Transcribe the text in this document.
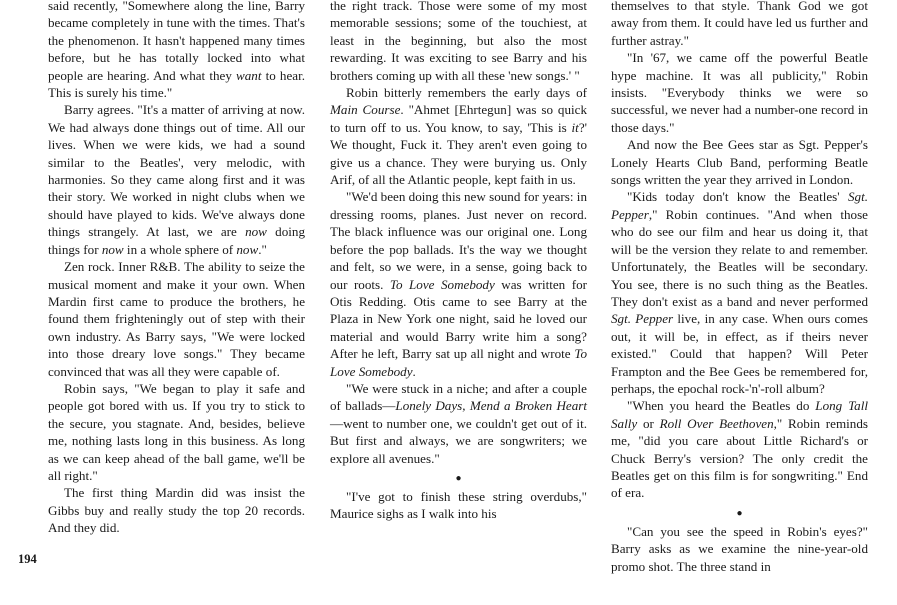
said recently, "Somewhere along the line, Barry became completely in tune with the times. That's the phenomenon. It hasn't happened many times before, but he has totally locked into what people are hearing. And what they want to hear. This is surely his time."

Barry agrees. "It's a matter of arriving at now. We had always done things out of time. All our lives. When we were kids, we had a sound similar to the Beatles', very melodic, with harmonies. So they came along first and it was their story. We worked in night clubs when we should have played to kids. We've always done things strangely. At last, we are now doing things for now in a whole sphere of now."

Zen rock. Inner R&B. The ability to seize the musical moment and make it your own. When Mardin first came to produce the brothers, he found them frighteningly out of step with their own industry. As Barry says, "We were locked into those dreary love songs." They became convinced that was all they were capable of.

Robin says, "We began to play it safe and people got bored with us. If you try to stick to the secure, you stagnate. And, besides, believe me, nothing lasts long in this business. As long as we can keep ahead of the ball game, we'll be all right."

The first thing Mardin did was insist the Gibbs buy and really study the top 20 records. And they did.

the right track. Those were some of my most memorable sessions; some of the touchiest, at least in the beginning, but also the most rewarding. It was exciting to see Barry and his brothers coming up with all these 'new songs.' "

Robin bitterly remembers the early days of Main Course. "Ahmet [Ehrtegun] was so quick to turn off to us. You know, to say, 'This is it?' We thought, Fuck it. They aren't even going to give us a chance. They were burying us. Only Arif, of all the Atlantic people, kept faith in us.

"We'd been doing this new sound for years: in dressing rooms, planes. Just never on record. The black influence was our original one. Long before the pop ballads. It's the way we thought and felt, so we were, in a sense, going back to our roots. To Love Somebody was written for Otis Redding. Otis came to see Barry at the Plaza in New York one night, said he loved our material and would Barry write him a song? After he left, Barry sat up all night and wrote To Love Somebody.

"We were stuck in a niche; and after a couple of ballads—Lonely Days, Mend a Broken Heart—went to number one, we couldn't get out of it. But first and always, we are songwriters; we explore all avenues."

●

"I've got to finish these string overdubs," Maurice sighs as I walk into his

themselves to that style. Thank God we got away from them. It could have led us further and further astray."

"In '67, we came off the powerful Beatle hype machine. It was all publicity," Robin insists. "Everybody thinks we were so successful, we never had a number-one record in those days."

And now the Bee Gees star as Sgt. Pepper's Lonely Hearts Club Band, performing Beatle songs written the year they arrived in London.

"Kids today don't know the Beatles' Sgt. Pepper," Robin continues. "And when those who do see our film and hear us doing it, that will be the version they relate to and remember. Unfortunately, the Beatles will be secondary. You see, there is no such thing as the Beatles. They don't exist as a band and never performed Sgt. Pepper live, in any case. When ours comes out, it will be, in effect, as if theirs never existed." Could that happen? Will Peter Frampton and the Bee Gees be remembered for, perhaps, the epochal rock-'n'-roll album?

"When you heard the Beatles do Long Tall Sally or Roll Over Beethoven," Robin reminds me, "did you care about Little Richard's or Chuck Berry's version? The only credit the Beatles get on this film is for songwriting." End of era.

●

"Can you see the speed in Robin's eyes?" Barry asks as we examine the nine-year-old promo shot. The three stand in

194
